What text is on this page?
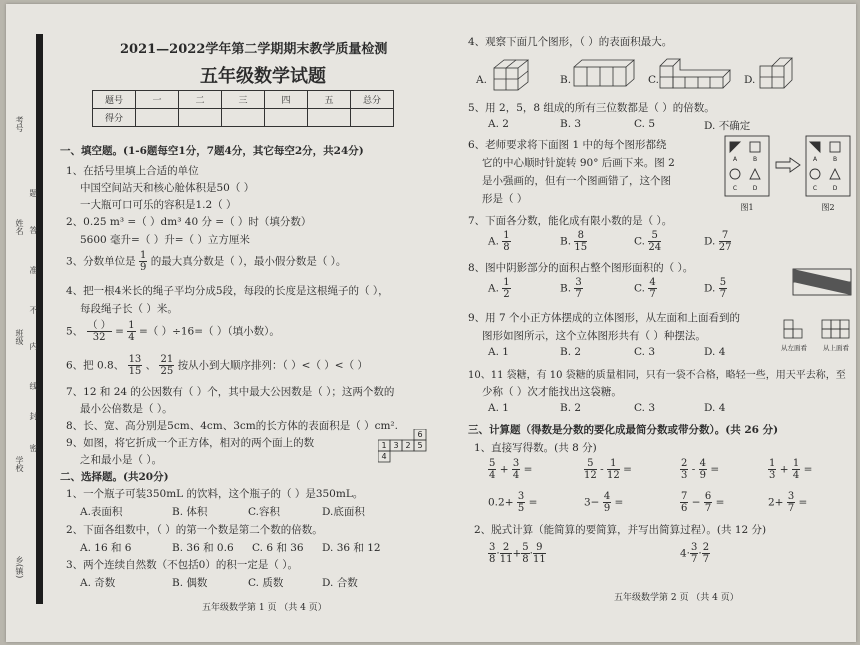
考号
姓名
班级
学校
乡(镇)
题
答
准
不
内
线
封
密
2021—2022学年第二学期期末教学质量检测
五年级数学试题
题号	一	二	三	四	五	总分
得分						
一、填空题。(1-6题每空1分，7题4分，其它每空2分，共24分)
1、在括号里填上合适的单位
中国空间站天和核心舱体积是50（ ）
一大瓶可口可乐的容积是1.2（ ）
2、0.25 m³ =（ ）dm³ 40 分 =（ ）时（填分数）
5600 毫升=（ ）升=（ ）立方厘米
3、分数单位是 $\frac{1}{9}$ 的最大真分数是（ ），最小假分数是（ ）。
4、把一根4米长的绳子平均分成5段，每段的长度是这根绳子的（ ），
每段绳子长（ ）米。
5、 $\frac{( )}{32} = \frac{1}{4}$ =（ ）÷16=（ ）（填小数）。
6、把 0.8、 $\frac{13}{15}$ 、 $\frac{21}{25}$ 按从小到大顺序排列：（ ）<（ ）<（ ）
7、12 和 24 的公因数有（ ）个，其中最大公因数是（ ）；这两个数的
最小公倍数是（ ）。
8、长、宽、高分别是5cm、4cm、3cm的长方体的表面积是（ ）cm².
9、如图，将它折成一个正方体，相对的两个面上的数
之和最小是（ ）。
6
1 3 2 5
4
二、选择题。(共20分)
1、一个瓶子可装350mL 的饮料，这个瓶子的（ ）是350mL。
A.表面积	B. 体积	C.容积	D.底面积
2、下面各组数中，（ ）的第一个数是第二个数的倍数。
A. 16 和 6	B. 36 和 0.6 C. 6 和 36 D. 36 和 12
3、两个连续自然数（不包括0）的积一定是（ ）。
A. 奇数	B. 偶数	C. 质数	D. 合数
五年级数学第 1 页 （共 4 页）
4、观察下面几个图形，（ ）的表面积最大。
A.	B.	C.	D.
5、用 2，5，8 组成的所有三位数都是（ ）的倍数。
A. 2	B. 3	C. 5	D. 不确定
6、老师要求将下面图 1 中的每个图形都绕
它的中心顺时针旋转 90° 后画下来。图 2
是小强画的，但有一个图画错了，这个图
形是（ ）
A	B
C	D
A	B
C	D
图1	图2
7、下面各分数，能化成有限小数的是（ ）。
A. $\frac{1}{8}$	B. $\frac{8}{15}$	C. $\frac{5}{24}$	D. $\frac{7}{27}$
8、图中阴影部分的面积占整个图形面积的（ ）。
A. $\frac{1}{2}$	B. $\frac{3}{7}$	C. $\frac{4}{7}$	D. $\frac{5}{7}$
9、用 7 个小正方体摆成的立体图形，从左面和上面看到的
图形如图所示，这个立体图形共有（ ）种摆法。
从左面看 从上面看
A. 1	B. 2	C. 3	D. 4
10、11 袋糖，有 10 袋糖的质量相同，只有一袋不合格，略轻一些，用天平去称，至
少称（ ）次才能找出这袋糖。
A. 1	B. 2	C. 3	D. 4
三、计算题（得数是分数的要化成最简分数或带分数）。(共 26 分)
1、直接写得数。(共 8 分)
$\frac{5}{4} + \frac{3}{4}$ =	$\frac{5}{12} - \frac{1}{12}$ =	$\frac{2}{3} - \frac{4}{9}$ =	$\frac{1}{3} + \frac{1}{4}$ =
$0.2+ \frac{3}{5}$ =	$3- \frac{4}{9}$ =	$\frac{7}{6} - \frac{6}{7}$ =	$2+ \frac{3}{7}$ =
2、脱式计算（能简算的要简算，并写出简算过程）。(共 12 分)
$\frac{3}{8} \cdot \frac{2}{11} + \frac{5}{8} \cdot \frac{9}{11}$	$4\cdot \frac{3}{7} \cdot \frac{2}{7}$
五年级数学第 2 页 （共 4 页）
